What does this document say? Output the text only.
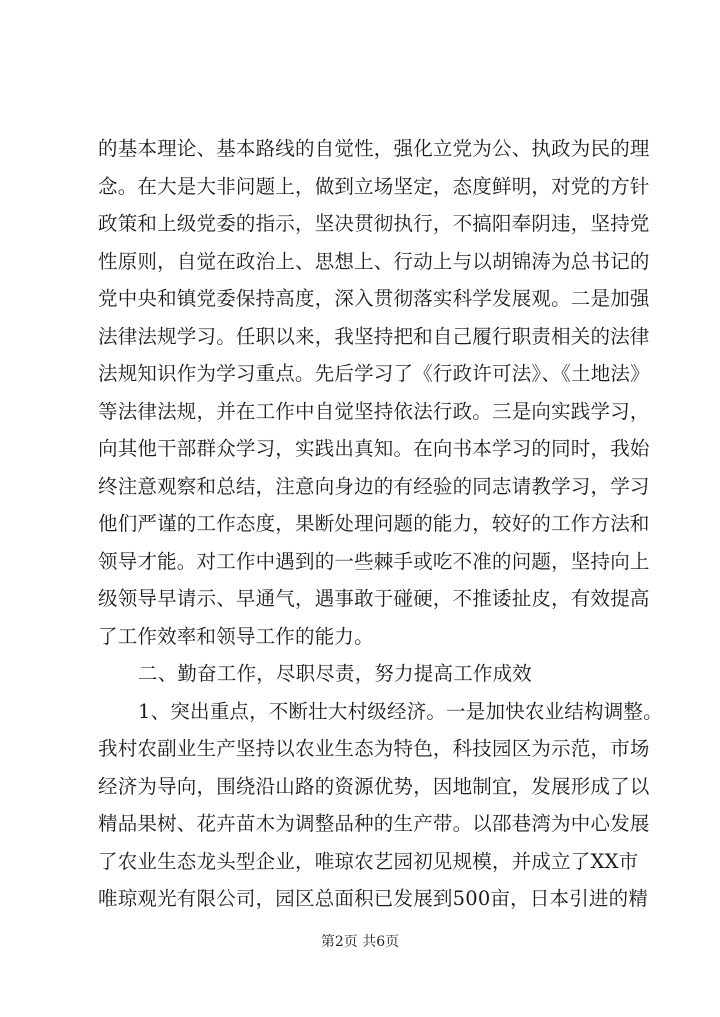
的基本理论、基本路线的自觉性，强化立党为公、执政为民的理
念。在大是大非问题上，做到立场坚定，态度鲜明，对党的方针
政策和上级党委的指示，坚决贯彻执行，不搞阳奉阴违，坚持党
性原则，自觉在政治上、思想上、行动上与以胡锦涛为总书记的
党中央和镇党委保持高度，深入贯彻落实科学发展观。二是加强
法律法规学习。任职以来，我坚持把和自己履行职责相关的法律
法规知识作为学习重点。先后学习了《行政许可法》、《土地法》
等法律法规，并在工作中自觉坚持依法行政。三是向实践学习，
向其他干部群众学习，实践出真知。在向书本学习的同时，我始
终注意观察和总结，注意向身边的有经验的同志请教学习，学习
他们严谨的工作态度，果断处理问题的能力，较好的工作方法和
领导才能。对工作中遇到的一些棘手或吃不准的问题，坚持向上
级领导早请示、早通气，遇事敢于碰硬，不推诿扯皮，有效提高
了工作效率和领导工作的能力。
二、勤奋工作，尽职尽责，努力提高工作成效
1、突出重点，不断壮大村级经济。一是加快农业结构调整。
我村农副业生产坚持以农业生态为特色，科技园区为示范，市场
经济为导向，围绕沿山路的资源优势，因地制宜，发展形成了以
精品果树、花卉苗木为调整品种的生产带。以邵巷湾为中心发展
了农业生态龙头型企业，唯琼农艺园初见规模，并成立了XX市
唯琼观光有限公司，园区总面积已发展到500亩，日本引进的精
第2页 共6页
